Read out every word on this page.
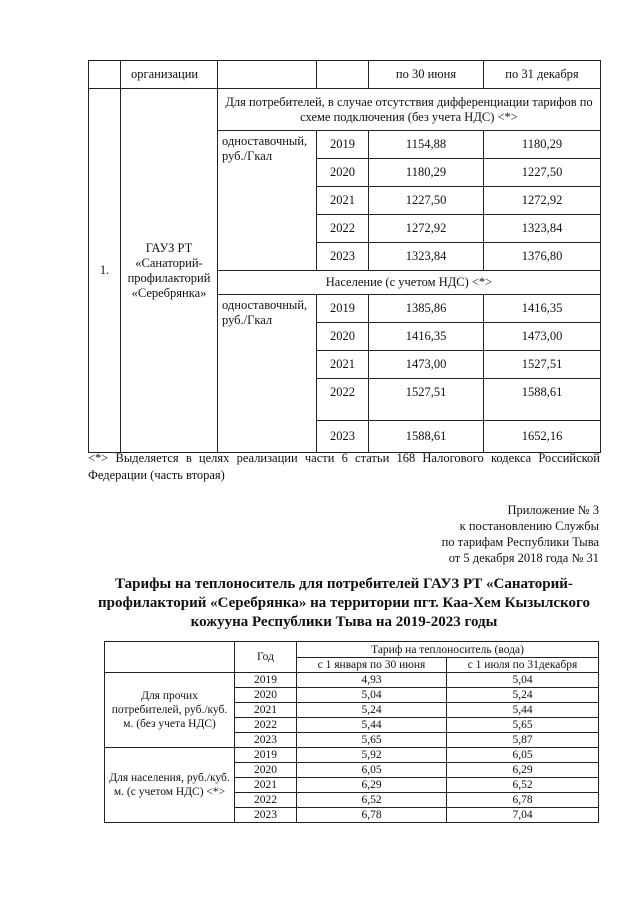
	организации			по 30 июня	по 31 декабря
1.	ГАУЗ РТ «Санаторий-профилакторий «Серебрянка»	Для потребителей, в случае отсутствия дифференциации тарифов по схеме подключения (без учета НДС) <*>			
		одноставочный, руб./Гкал	2019	1154,88	1180,29
			2020	1180,29	1227,50
			2021	1227,50	1272,92
			2022	1272,92	1323,84
			2023	1323,84	1376,80
		Население (с учетом НДС) <*>			
		одноставочный, руб./Гкал	2019	1385,86	1416,35
			2020	1416,35	1473,00
			2021	1473,00	1527,51
			2022	1527,51	1588,61
			2023	1588,61	1652,16
<*> Выделяется в целях реализации части 6 статьи 168 Налогового кодекса Российской Федерации (часть вторая)
Приложение № 3
к постановлению Службы
по тарифам Республики Тыва
от 5 декабря 2018 года № 31
Тарифы на теплоноситель для потребителей ГАУЗ РТ «Санаторий-профилакторий «Серебрянка» на территории пгт. Каа-Хем Кызылского кожууна Республики Тыва на 2019-2023 годы
	Год	Тариф на теплоноситель (вода)	
		с 1 января по 30 июня	с 1 июля по 31декабря
Для прочих потребителей, руб./куб. м. (без учета НДС)	2019	4,93	5,04
	2020	5,04	5,24
	2021	5,24	5,44
	2022	5,44	5,65
	2023	5,65	5,87
Для населения, руб./куб. м. (с учетом НДС) <*>	2019	5,92	6,05
	2020	6,05	6,29
	2021	6,29	6,52
	2022	6,52	6,78
	2023	6,78	7,04
